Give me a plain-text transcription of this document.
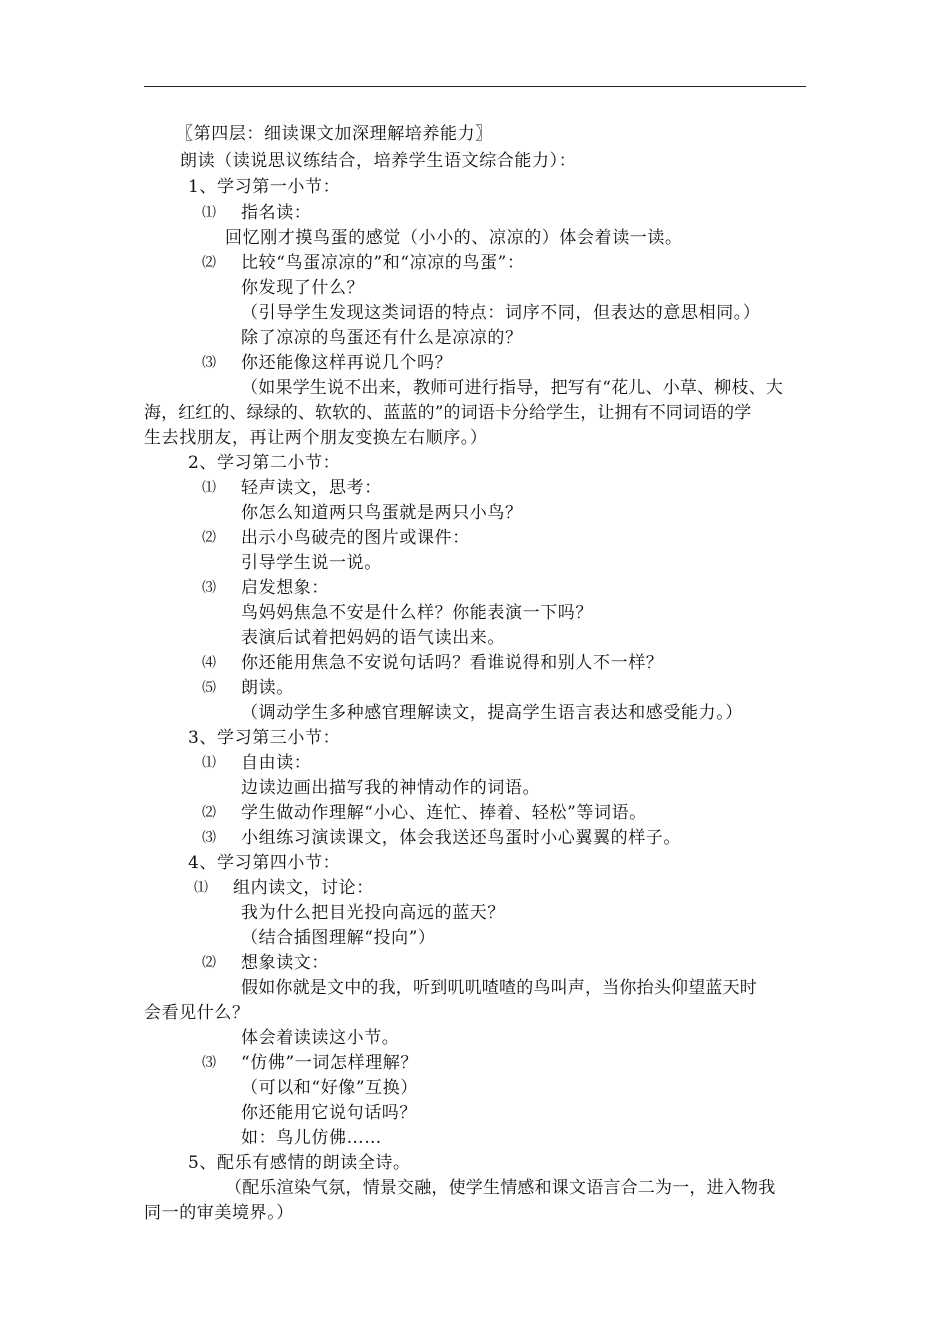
〖第四层：细读课文加深理解培养能力〗
朗读（读说思议练结合，培养学生语文综合能力）：
1、学习第一小节：
⑴ 指名读：
回忆刚才摸鸟蛋的感觉（小小的、凉凉的）体会着读一读。
⑵ 比较“鸟蛋凉凉的”和“凉凉的鸟蛋”：
你发现了什么？
（引导学生发现这类词语的特点：词序不同，但表达的意思相同。）
除了凉凉的鸟蛋还有什么是凉凉的？
⑶ 你还能像这样再说几个吗？
（如果学生说不出来，教师可进行指导，把写有“花儿、小草、柳枝、大
海，红红的、绿绿的、软软的、蓝蓝的”的词语卡分给学生，让拥有不同词语的学
生去找朋友，再让两个朋友变换左右顺序。）
2、学习第二小节：
⑴ 轻声读文，思考：
你怎么知道两只鸟蛋就是两只小鸟？
⑵ 出示小鸟破壳的图片或课件：
引导学生说一说。
⑶ 启发想象：
鸟妈妈焦急不安是什么样？你能表演一下吗？
表演后试着把妈妈的语气读出来。
⑷ 你还能用焦急不安说句话吗？看谁说得和别人不一样？
⑸ 朗读。
（调动学生多种感官理解读文，提高学生语言表达和感受能力。）
3、学习第三小节：
⑴ 自由读：
边读边画出描写我的神情动作的词语。
⑵ 学生做动作理解“小心、连忙、捧着、轻松”等词语。
⑶ 小组练习演读课文，体会我送还鸟蛋时小心翼翼的样子。
4、学习第四小节：
⑴ 组内读文，讨论：
我为什么把目光投向高远的蓝天？
（结合插图理解“投向”）
⑵ 想象读文：
假如你就是文中的我，听到叽叽喳喳的鸟叫声，当你抬头仰望蓝天时
会看见什么？
体会着读读这小节。
⑶ “仿佛”一词怎样理解？
（可以和“好像”互换）
你还能用它说句话吗？
如：鸟儿仿佛……
5、配乐有感情的朗读全诗。
（配乐渲染气氛，情景交融，使学生情感和课文语言合二为一，进入物我
同一的审美境界。）
